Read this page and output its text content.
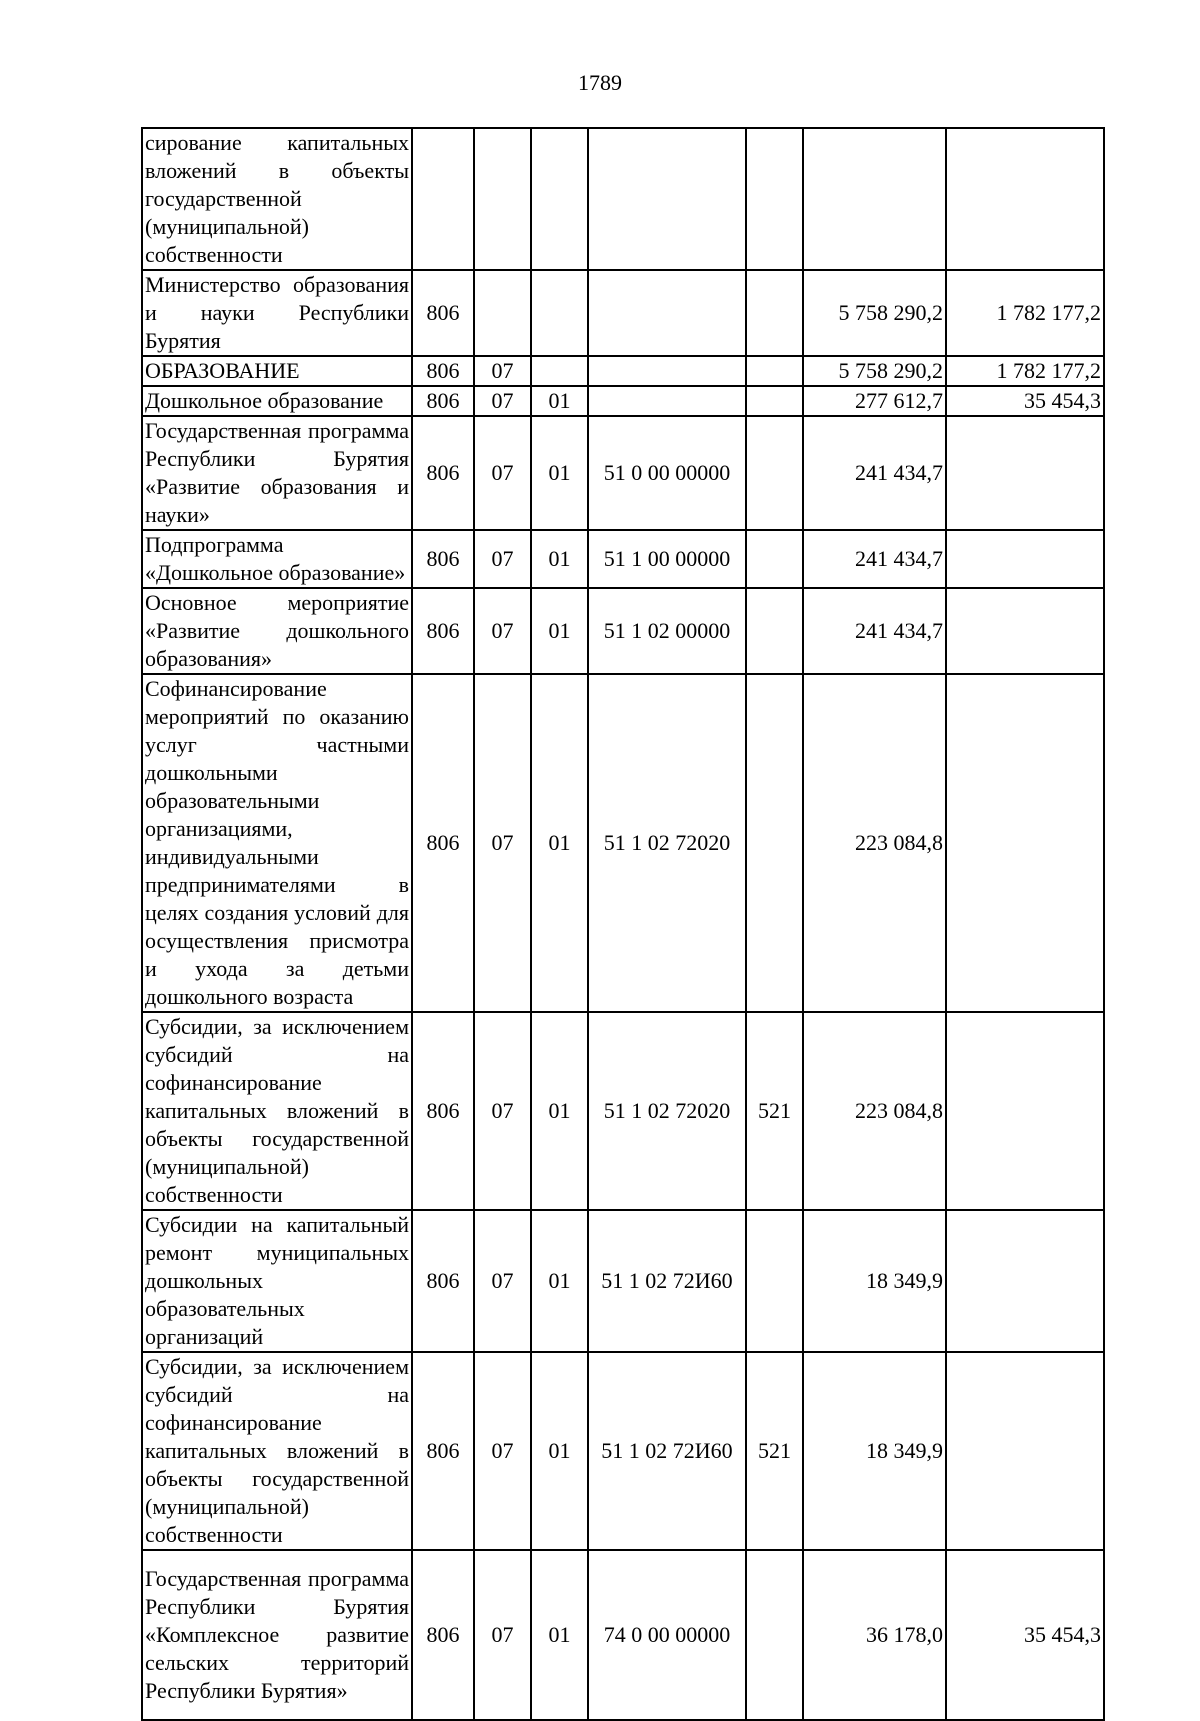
1789
сирование капитальных вложений в объекты государственной (муниципальной) собственности							
Министерство образования и науки Республики Бурятия	806					5 758 290,2	1 782 177,2
ОБРАЗОВАНИЕ	806	07				5 758 290,2	1 782 177,2
Дошкольное образование	806	07	01			277 612,7	35 454,3
Государственная программа Республики Бурятия «Развитие образования и науки»	806	07	01	51 0 00 00000		241 434,7	
Подпрограмма «Дошкольное образование»	806	07	01	51 1 00 00000		241 434,7	
Основное мероприятие «Развитие дошкольного образования»	806	07	01	51 1 02 00000		241 434,7	
Софинансирование мероприятий по оказанию услуг частными дошкольными образовательными организациями, индивидуальными предпринимателями в целях создания условий для осуществления присмотра и ухода за детьми дошкольного возраста	806	07	01	51 1 02 72020		223 084,8	
Субсидии, за исключением субсидий на софинансирование капитальных вложений в объекты государственной (муниципальной) собственности	806	07	01	51 1 02 72020	521	223 084,8	
Субсидии на капитальный ремонт муниципальных дошкольных образовательных организаций	806	07	01	51 1 02 72И60		18 349,9	
Субсидии, за исключением субсидий на софинансирование капитальных вложений в объекты государственной (муниципальной) собственности	806	07	01	51 1 02 72И60	521	18 349,9	
Государственная программа Республики Бурятия «Комплексное развитие сельских территорий Республики Бурятия»	806	07	01	74 0 00 00000		36 178,0	35 454,3
